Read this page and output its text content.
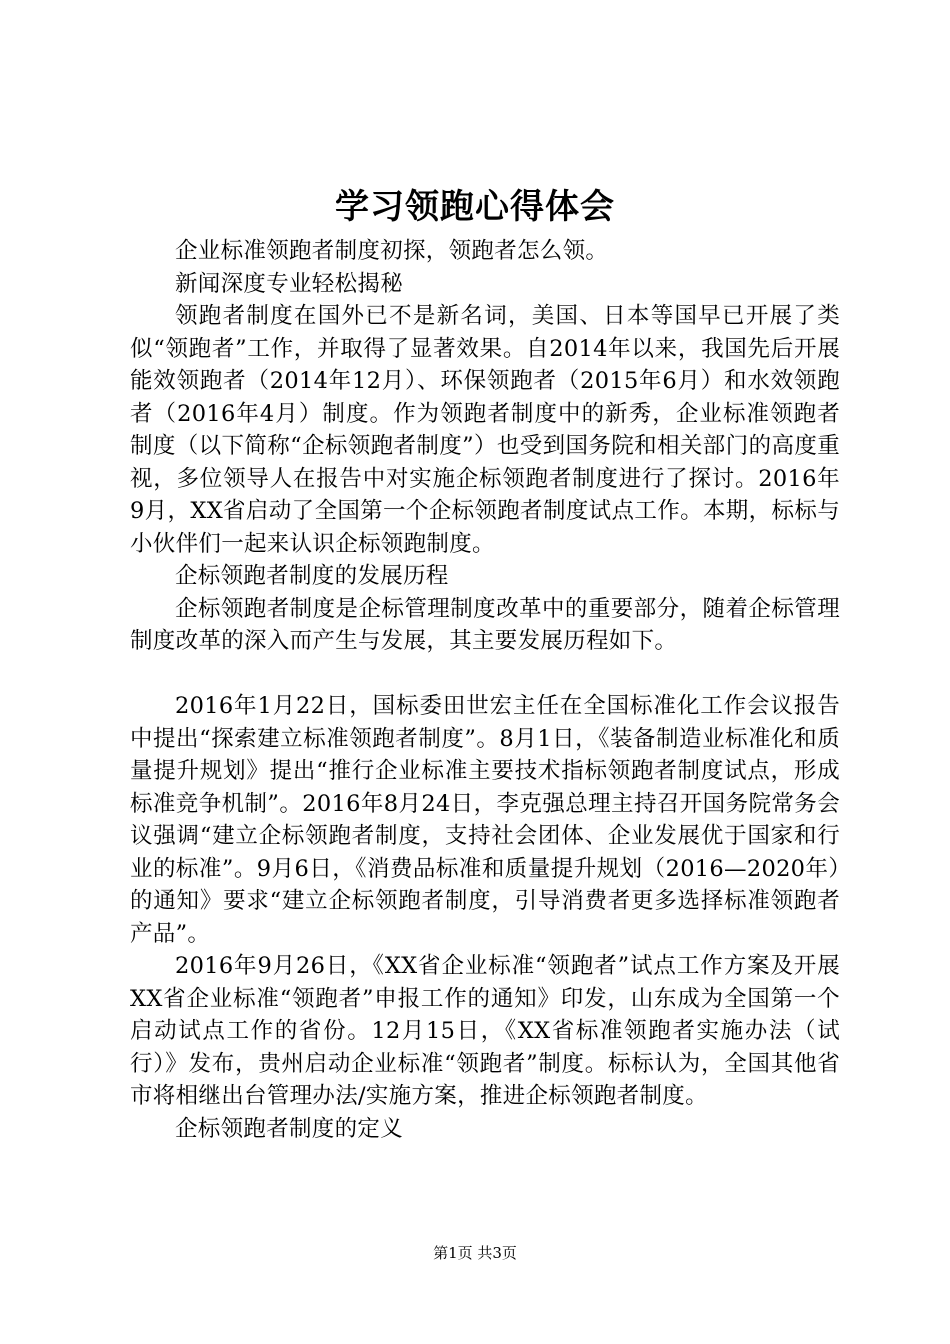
学习领跑心得体会

企业标准领跑者制度初探，领跑者怎么领。

新闻深度专业轻松揭秘

领跑者制度在国外已不是新名词，美国、日本等国早已开展了类似“领跑者”工作，并取得了显著效果。自2014年以来，我国先后开展能效领跑者（2014年12月）、环保领跑者（2015年6月）和水效领跑者（2016年4月）制度。作为领跑者制度中的新秀，企业标准领跑者制度（以下简称“企标领跑者制度”）也受到国务院和相关部门的高度重视，多位领导人在报告中对实施企标领跑者制度进行了探讨。2016年9月，XX省启动了全国第一个企标领跑者制度试点工作。本期，标标与小伙伴们一起来认识企标领跑制度。

企标领跑者制度的发展历程

企标领跑者制度是企标管理制度改革中的重要部分，随着企标管理制度改革的深入而产生与发展，其主要发展历程如下。

2016年1月22日，国标委田世宏主任在全国标准化工作会议报告中提出“探索建立标准领跑者制度”。8月1日，《装备制造业标准化和质量提升规划》提出“推行企业标准主要技术指标领跑者制度试点，形成标准竞争机制”。2016年8月24日，李克强总理主持召开国务院常务会议强调“建立企标领跑者制度，支持社会团体、企业发展优于国家和行业的标准”。9月6日，《消费品标准和质量提升规划（2016—2020年）的通知》要求“建立企标领跑者制度，引导消费者更多选择标准领跑者产品”。

2016年9月26日，《XX省企业标准“领跑者”试点工作方案及开展XX省企业标准“领跑者”申报工作的通知》印发，山东成为全国第一个启动试点工作的省份。12月15日，《XX省标准领跑者实施办法（试行）》发布，贵州启动企业标准“领跑者”制度。标标认为，全国其他省市将相继出台管理办法/实施方案，推进企标领跑者制度。

企标领跑者制度的定义

第1页 共3页
